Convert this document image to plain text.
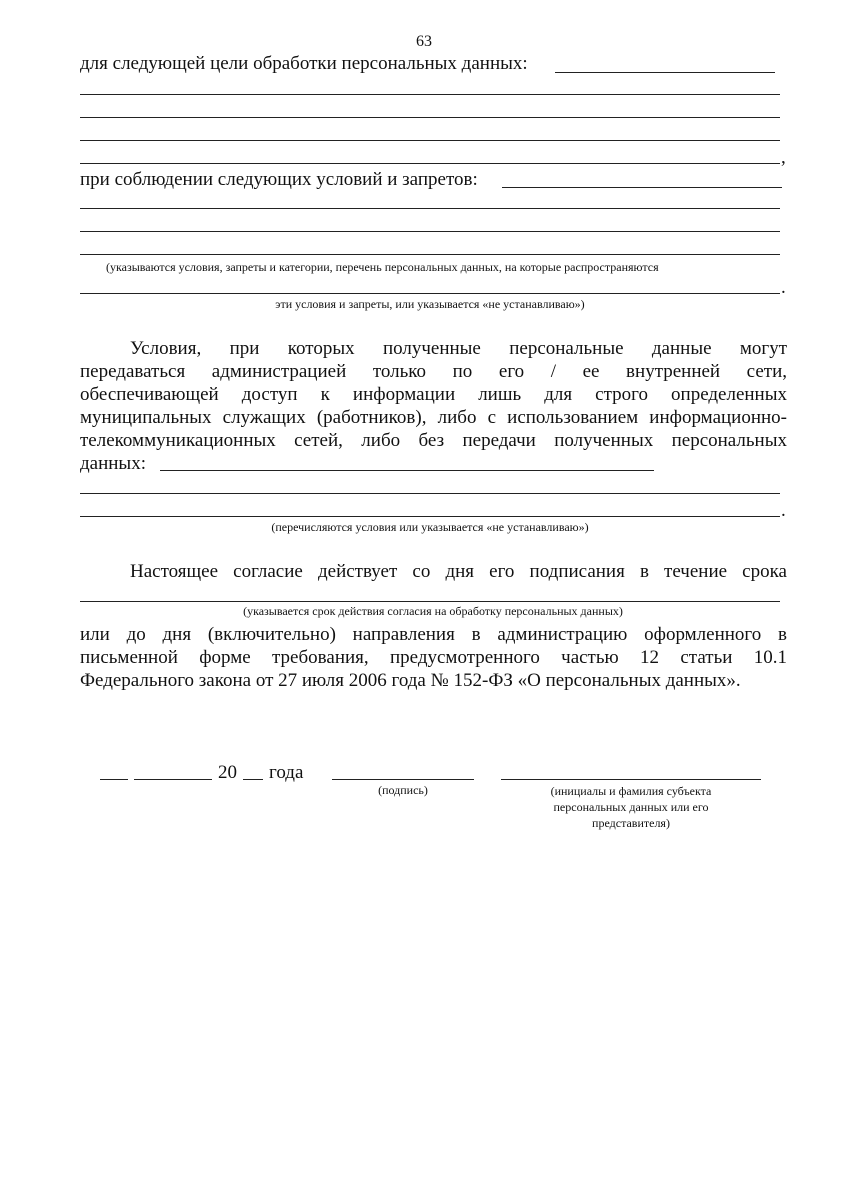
63
для следующей цели обработки персональных данных:
,
при соблюдении следующих условий и запретов:
(указываются условия, запреты и категории, перечень персональных данных, на которые распространяются
.
эти условия и запреты, или указывается «не устанавливаю»)
Условия, при которых полученные персональные данные могут
передаваться администрацией только по его / ее внутренней сети,
обеспечивающей доступ к информации лишь для строго определенных
муниципальных служащих (работников), либо с использованием информационно-
телекоммуникационных сетей, либо без передачи полученных персональных
данных:
.
(перечисляются условия или указывается «не устанавливаю»)
Настоящее согласие действует со дня его подписания в течение срока
(указывается срок действия согласия на обработку персональных данных)
или до дня (включительно) направления в администрацию оформленного в
письменной форме требования, предусмотренного частью 12 статьи 10.1
Федерального закона от 27 июля 2006 года № 152-ФЗ «О персональных данных».
20 года
(подпись)	(инициалы и фамилия субъекта персональных данных или его представителя)
